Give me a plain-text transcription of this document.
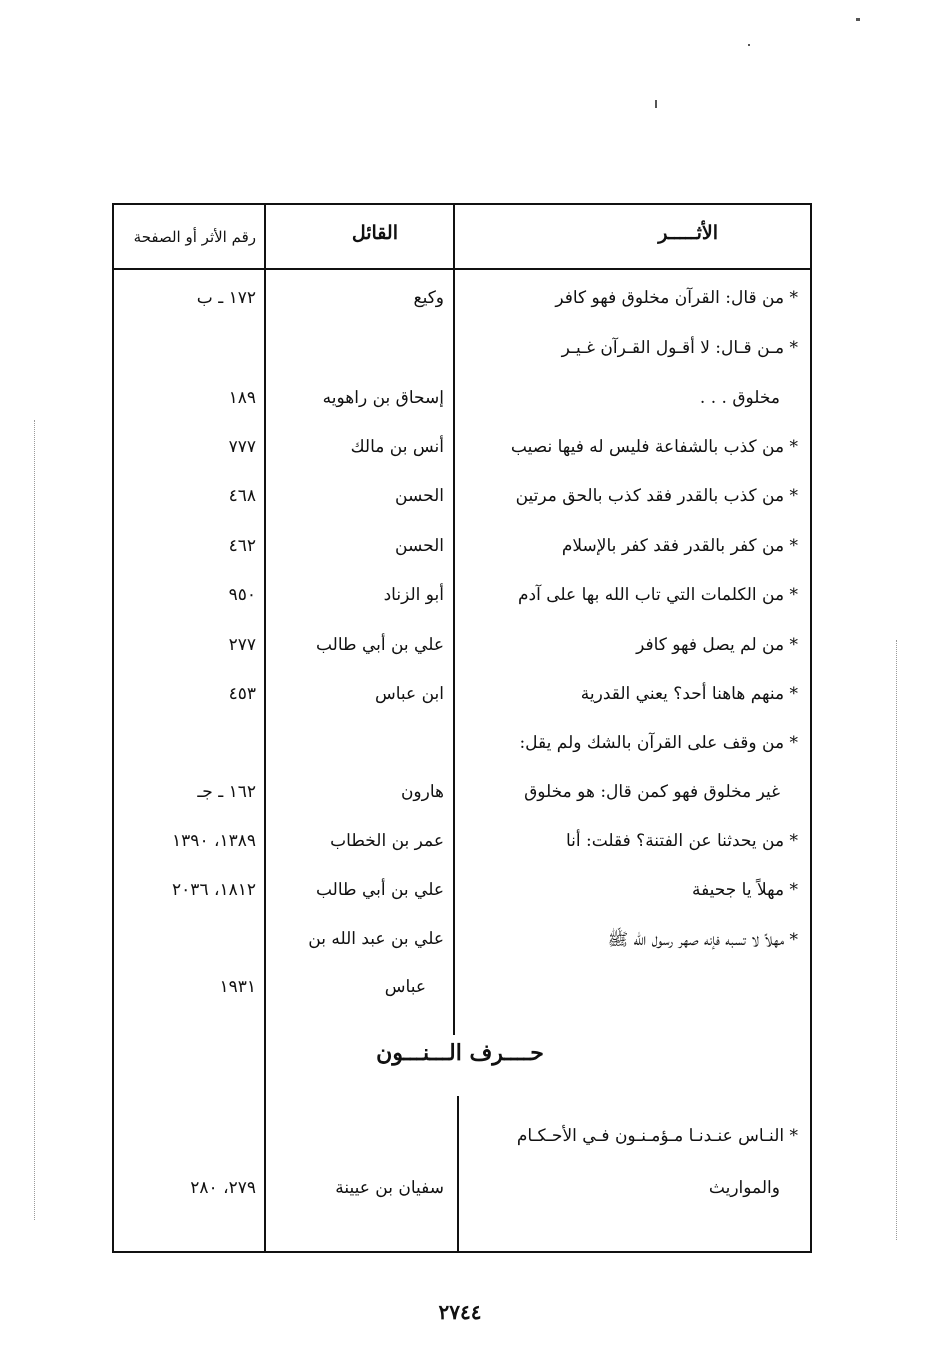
الأثـــــر
القائل
رقم الأثر أو الصفحة
* من قال: القرآن مخلوق فهو كافر
وكيع
١٧٢ ـ ب
* مـن قـال: لا أقـول القـرآن غـيـر
مخلوق . . .
إسحاق بن راهويه
١٨٩
* من كذب بالشفاعة فليس له فيها نصيب
أنس بن مالك
٧٧٧
* من كذب بالقدر فقد كذب بالحق مرتين
الحسن
٤٦٨
* من كفر بالقدر فقد كفر بالإسلام
الحسن
٤٦٢
* من الكلمات التي تاب الله بها على آدم
أبو الزناد
٩٥٠
* من لم يصل فهو كافر
علي بن أبي طالب
٢٧٧
* منهم هاهنا أحد؟ يعني القدرية
ابن عباس
٤٥٣
* من وقف على القرآن بالشك ولم يقل:
غير مخلوق فهو كمن قال: هو مخلوق
هارون
١٦٢ ـ جـ
* من يحدثنا عن الفتنة؟ فقلت: أنا
عمر بن الخطاب
١٣٨٩، ١٣٩٠
* مهلاً يا جحيفة
علي بن أبي طالب
١٨١٢، ٢٠٣٦
* مهلاً لا تسبه فإنه صهر رسول الله ﷺ
علي بن عبد الله بن
عباس
١٩٣١
حــــرف الـــنـــون
* النـاس عنـدنـا مـؤمـنـون فـي الأحـكـام
والمواريث
سفيان بن عيينة
٢٧٩، ٢٨٠
٢٧٤٤
